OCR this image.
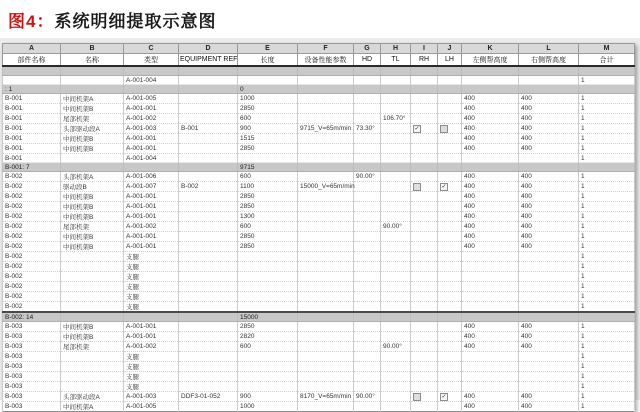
图4：系统明细提取示意图
A	B	C	D	E	F	G	H	I	J	K	L	M
部件名称	名称	类型	EQUIPMENT REF	长度	设备性能参数	HD	TL	RH	LH	左侧帮高度	右侧帮高度	合计

		A-001-004										1
: 1				0								
B-001	中间机架A	A-001-005		1000						400	400	1
B-001	中间机架B	A-001-001		2850						400	400	1
B-001	尾部机架	A-001-002		600			106.70°			400	400	1
B-001	头部驱动段A	A-001-003	B-001	900	9715_V=65m/min	73.30°		✓		400	400	1
B-001	中间机架B	A-001-001		1515						400	400	1
B-001	中间机架B	A-001-001		2850						400	400	1
B-001		A-001-004										1
B-001: 7				9715								
B-002	头部机架A	A-001-006		600		90.00°				400	400	1
B-002	驱动段B	A-001-007	B-002	1100	15000_V=65m/min				✓	400	400	1
B-002	中间机架B	A-001-001		2850						400	400	1
B-002	中间机架B	A-001-001		2850						400	400	1
B-002	中间机架B	A-001-001		1300						400	400	1
B-002	尾部机架	A-001-002		600			90.00°			400	400	1
B-002	中间机架B	A-001-001		2850						400	400	1
B-002	中间机架B	A-001-001		2850						400	400	1
B-002		支腿										1
B-002		支腿										1
B-002		支腿										1
B-002		支腿										1
B-002		支腿										1
B-002		支腿										1
B-002: 14				15000								
B-003	中间机架B	A-001-001		2850						400	400	1
B-003	中间机架B	A-001-001		2820						400	400	1
B-003	尾部机架	A-001-002		600			90.00°			400	400	1
B-003		支腿										1
B-003		支腿										1
B-003		支腿										1
B-003		支腿										1
B-003	头部驱动段A	A-001-003	DDF3-01-052	900	8170_V=65m/min	90.00°			✓	400	400	1
B-003	中间机架A	A-001-005		1000						400	400	1
